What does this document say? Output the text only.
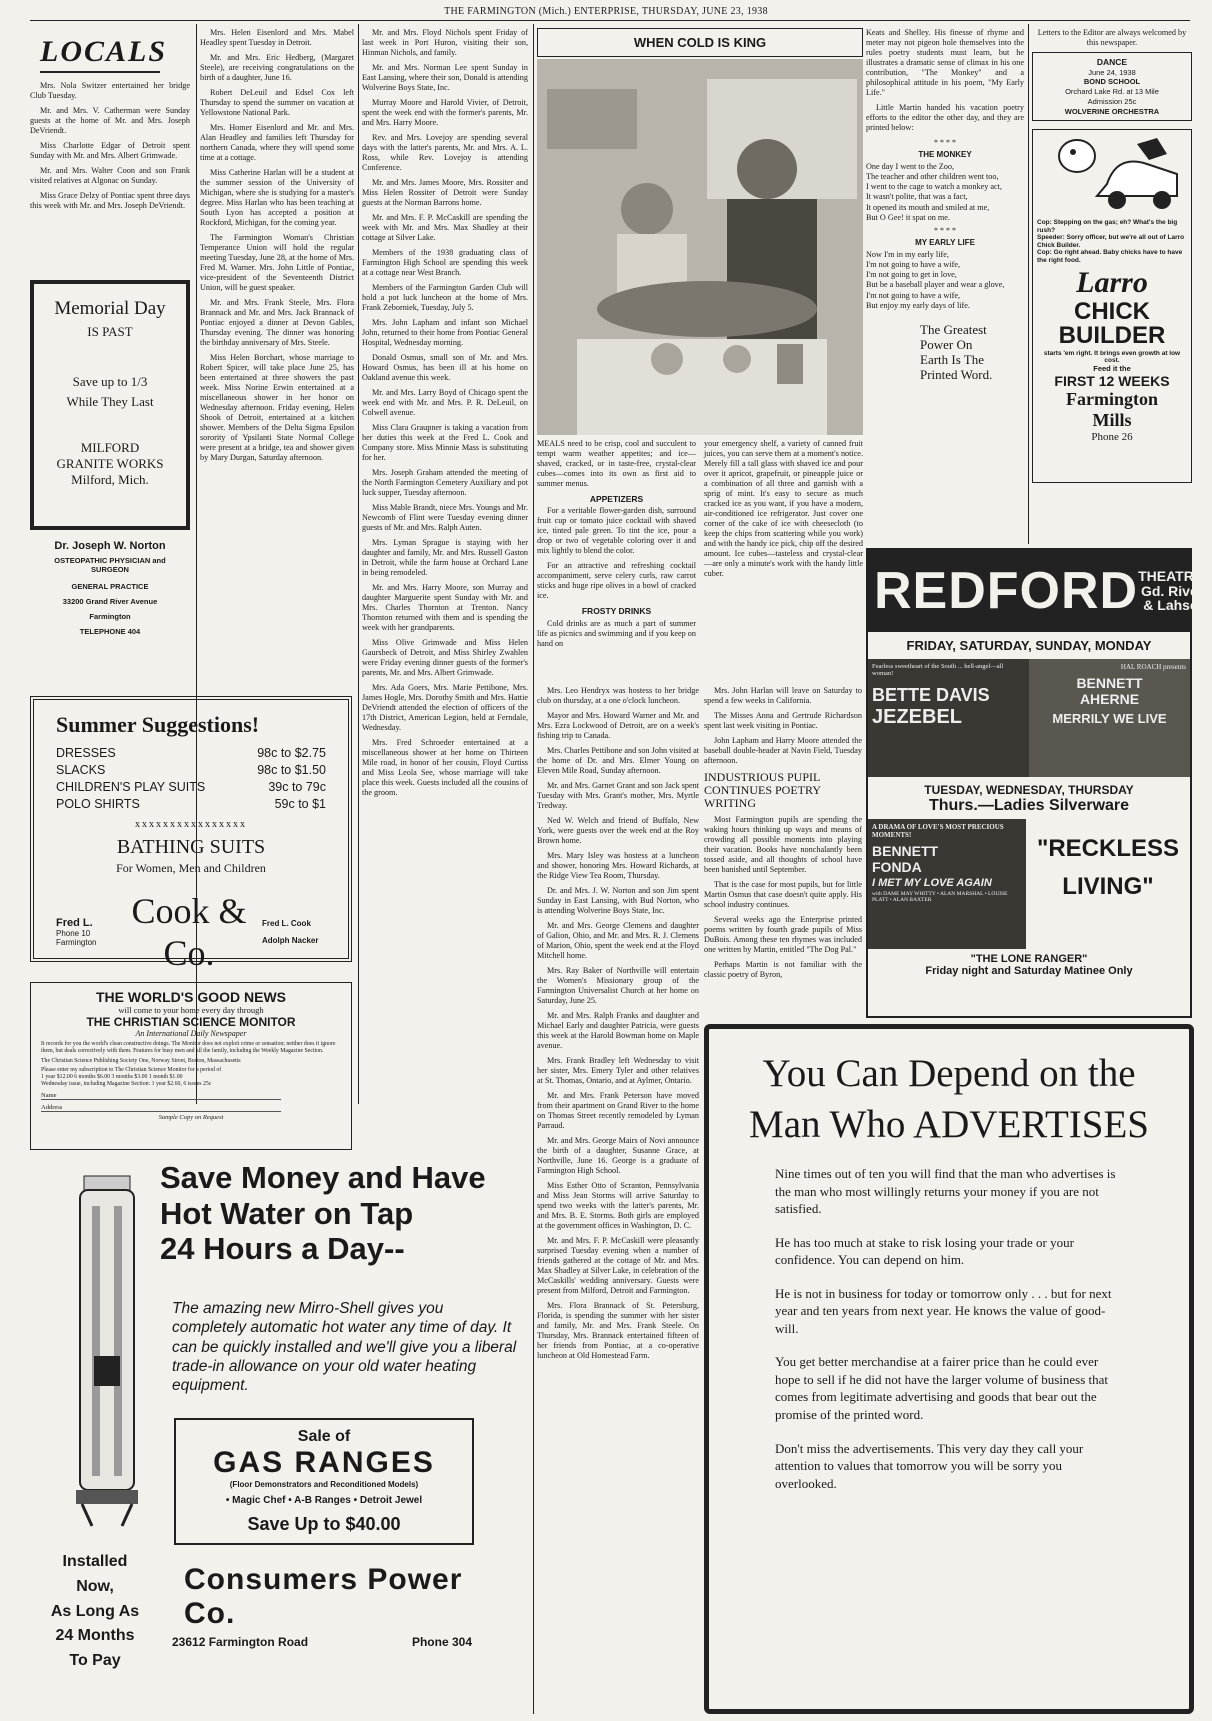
THE FARMINGTON (Mich.) ENTERPRISE, THURSDAY, JUNE 23, 1938
LOCALS

Mrs. Nola Switzer entertained her bridge Club Tuesday.

Mr. and Mrs. V. Catherman were Sunday guests at the home of Mr. and Mrs. Joseph DeVriendt.

Miss Charlotte Edgar of Detroit spent Sunday with Mr. and Mrs. Albert Grimwade.

Mr. and Mrs. Walter Coon and son Frank visited relatives at Algonac on Sunday.

Miss Grace Delzy of Pontiac spent three days this week with Mr. and Mrs. Joseph DeVriendt.

Memorial Day
IS PAST
Save up to 1/3
While They Last
MILFORD
GRANITE WORKS
Milford, Mich.
Dr. Joseph W. Norton
OSTEOPATHIC PHYSICIAN and SURGEON
GENERAL PRACTICE
33200 Grand River Avenue
Farmington
TELEPHONE 404

Mrs. Helen Eisenlord and Mrs. Mabel Headley spent Tuesday in Detroit.

Mr. and Mrs. Eric Hedberg, (Margaret Steele), are receiving congratulations on the birth of a daughter, June 16.

Robert DeLeuil and Edsel Cox left Thursday to spend the summer on vacation at Yellowstone National Park.

Mrs. Homer Eisenlord and Mr. and Mrs. Alan Headley and families left Thursday for northern Canada, where they will spend some time at a cottage.

Miss Catherine Harlan will be a student at the summer session of the University of Michigan, where she is studying for a master's degree. Miss Harlan who has been teaching at South Lyon has accepted a position at Rockford, Michigan, for the coming year.

The Farmington Woman's Christian Temperance Union will hold the regular meeting Tuesday, June 28, at the home of Mrs. Fred M. Warner. Mrs. John Little of Pontiac, vice-president of the Seventeenth District Union, will be guest speaker.

Mr. and Mrs. Frank Steele, Mrs. Flora Brannack and Mr. and Mrs. Jack Brannack of Pontiac enjoyed a dinner at Devon Gables, Thursday evening. The dinner was honoring the birthday anniversary of Mrs. Steele.

Miss Helen Borchart, whose marriage to Robert Spicer, will take place June 25, has been entertained at three showers the past week. Miss Norine Erwin entertained at a miscellaneous shower in her honor on Wednesday afternoon. Friday evening, Helen Shook of Detroit, entertained at a kitchen shower. Members of the Delta Sigma Epsilon sorority of Ypsilanti State Normal College were present at a bridge, tea and shower given by Mary Durgan, Saturday afternoon.

Summer Suggestions!
DRESSES	98c to $2.75
SLACKS	98c to $1.50
CHILDREN'S PLAY SUITS	39c to 79c
POLO SHIRTS	59c to $1
xxxxxxxxxxxxxxxx
BATHING SUITS
For Women, Men and Children
Fred L.
Phone 10
Farmington
Cook & Co.
Fred L. Cook
Adolph Nacker
THE WORLD'S GOOD NEWS
will come to your home every day through
THE CHRISTIAN SCIENCE MONITOR
An International Daily Newspaper
It records for you the world's clean constructive doings. The Monitor does not exploit crime or sensation; neither does it ignore them, but deals correctively with them. Features for busy men and all the family, including the Weekly Magazine Section.
The Christian Science Publishing Society One, Norway Street, Boston, Massachusetts
Please enter my subscription to The Christian Science Monitor for a period of
1 year $12.00 6 months $6.00 3 months $3.00 1 month $1.00
Wednesday issue, including Magazine Section: 1 year $2.60, 6 issues 25c
Name
Address
Sample Copy on Request

Mr. and Mrs. Floyd Nichols spent Friday of last week in Port Huron, visiting their son, Hinman Nichols, and family.

Mr. and Mrs. Norman Lee spent Sunday in East Lansing, where their son, Donald is attending Wolverine Boys State, Inc.

Murray Moore and Harold Vivier, of Detroit, spent the week end with the former's parents, Mr. and Mrs. Harry Moore.

Rev. and Mrs. Lovejoy are spending several days with the latter's parents, Mr. and Mrs. A. L. Ross, while Rev. Lovejoy is attending Conference.

Mr. and Mrs. James Moore, Mrs. Rossiter and Miss Helen Rossiter of Detroit were Sunday guests at the Norman Barrons home.

Mr. and Mrs. F. P. McCaskill are spending the week with Mr. and Mrs. Max Shadley at their cottage at Silver Lake.

Members of the 1938 graduating class of Farmington High School are spending this week at a cottage near West Branch.

Members of the Farmington Garden Club will hold a pot luck luncheon at the home of Mrs. Frank Zeborniek, Tuesday, July 5.

Mrs. John Lapham and infant son Michael John, returned to their home from Pontiac General Hospital, Wednesday morning.

Donald Osmus, small son of Mr. and Mrs. Howard Osmus, has been ill at his home on Oakland avenue this week.

Mr. and Mrs. Larry Boyd of Chicago spent the week end with Mr. and Mrs. P. R. DeLeuil, on Colwell avenue.

Miss Clara Graupner is taking a vacation from her duties this week at the Fred L. Cook and Company store. Miss Minnie Mass is substituting for her.

Mrs. Joseph Graham attended the meeting of the North Farmington Cemetery Auxiliary and pot luck supper, Tuesday afternoon.

Miss Mable Brandt, niece Mrs. Youngs and Mr. Newcomb of Flint were Tuesday evening dinner guests of Mr. and Mrs. Ralph Auten.

Mrs. Lyman Sprague is staying with her daughter and family, Mr. and Mrs. Russell Gaston in Detroit, while the farm house at Orchard Lane in being remodeled.

Mr. and Mrs. Harry Moore, son Murray and daughter Marguerite spent Sunday with Mr. and Mrs. Charles Thornton at Trenton. Nancy Thornton returned with them and is spending the week with her grandparents.

Miss Olive Grimwade and Miss Helen Gaursbeck of Detroit, and Miss Shirley Zwahlen were Friday evening dinner guests of the former's parents, Mr. and Mrs. Albert Grimwade.

Mrs. Ada Goers, Mrs. Marie Pettibone, Mrs. James Hogle, Mrs. Dorothy Smith and Mrs. Hattie DeVriendt attended the election of officers of the 17th District, American Legion, held at Ferndale, Wednesday.

Mrs. Fred Schroeder entertained at a miscellaneous shower at her home on Thirteen Mile road, in honor of her cousin, Floyd Curtiss and Miss Leola See, whose marriage will take place this week. Guests included all the cousins of the groom.

WHEN COLD IS KING

MEALS need to be crisp, cool and succulent to tempt warm weather appetites; and ice—shaved, cracked, or in taste-free, crystal-clear cubes—comes into its own as first aid to summer menus.

APPETIZERS

For a veritable flower-garden dish, surround fruit cup or tomato juice cocktail with shaved ice, tinted pale green. To tint the ice, pour a drop or two of vegetable coloring over it and mix lightly to blend the color.

For an attractive and refreshing cocktail accompaniment, serve celery curls, raw carrot sticks and huge ripe olives in a bowl of cracked ice.

FROSTY DRINKS

Cold drinks are as much a part of summer life as picnics and swimming and if you keep on hand on

your emergency shelf, a variety of canned fruit juices, you can serve them at a moment's notice. Merely fill a tall glass with shaved ice and pour over it apricot, grapefruit, or pineapple juice or a combination of all three and garnish with a sprig of mint. It's easy to secure as much cracked ice as you want, if you have a modern, air-conditioned ice refrigerator. Just cover one corner of the cake of ice with cheesecloth (to keep the chips from scattering while you work) and with the handy ice pick, chip off the desired amount. Ice cubes—tasteless and crystal-clear—are only a minute's work with the handy little cuber.

Mrs. Leo Hendryx was hostess to her bridge club on thursday, at a one o'clock luncheon.

Mayor and Mrs. Howard Warner and Mr. and Mrs. Ezra Lockwood of Detroit, are on a week's fishing trip to Canada.

Mrs. Charles Pettibone and son John visited at the home of Dr. and Mrs. Elmer Young on Eleven Mile Road, Sunday afternoon.

Mr. and Mrs. Garnet Grant and son Jack spent Tuesday with Mrs. Grant's mother, Mrs. Myrtle Tredway.

Ned W. Welch and friend of Buffalo, New York, were guests over the week end at the Roy Brown home.

Mrs. Mary Isley was hostess at a luncheon and shower, honoring Mrs. Howard Richards, at the Ridge View Tea Room, Thursday.

Dr. and Mrs. J. W. Norton and son Jim spent Sunday in East Lansing, with Bud Norton, who is attending Wolverine Boys State, Inc.

Mr. and Mrs. George Clemens and daughter of Galion, Ohio, and Mr. and Mrs. R. J. Clemens of Marion, Ohio, spent the week end at the Floyd Mitchell home.

Mrs. Ray Baker of Northville will entertain the Women's Missionary group of the Farmington Universalist Church at her home on Saturday, June 25.

Mr. and Mrs. Ralph Franks and daughter and Michael Early and daughter Patricia, were guests this week at the Harold Bowman home on Maple avenue.

Mrs. Frank Bradley left Wednesday to visit her sister, Mrs. Emery Tyler and other relatives at St. Thomas, Ontario, and at Aylmer, Ontario.

Mr. and Mrs. Frank Peterson have moved from their apartment on Grand River to the home on Thomas Street recently remodeled by Lyman Parraud.

Mr. and Mrs. George Mairs of Novi announce the birth of a daughter, Susanne Grace, at Northville, June 16. George is a graduate of Farmington High School.

Miss Esther Otto of Scranton, Pennsylvania and Miss Jean Storms will arrive Saturday to spend two weeks with the latter's parents, Mr. and Mrs. B. E. Storms. Both girls are employed at the government offices in Washington, D. C.

Mr. and Mrs. F. P. McCaskill were pleasantly surprised Tuesday evening when a number of friends gathered at the cottage of Mr. and Mrs. Max Shadley at Silver Lake, in celebration of the McCaskills' wedding anniversary. Guests were present from Milford, Detroit and Farmington.

Mrs. Flora Brannack of St. Petersburg, Florida, is spending the summer with her sister and family, Mr. and Mrs. Frank Steele. On Thursday, Mrs. Brannack entertained fifteen of her friends from Pontiac, at a co-operative luncheon at Old Homestead Farm.

Keats and Shelley. His finesse of rhyme and meter may not pigeon hole themselves into the rules poetry students must learn, but he illustrates a dramatic sense of climax in his one contribution, "The Monkey" and a philosophical attitude in his poem, "My Early Life."

Little Martin handed his vacation poetry efforts to the editor the other day, and they are printed below:

* * * *
THE MONKEY
One day I went to the Zoo,
The teacher and other children went too,
I went to the cage to watch a monkey act,
It wasn't polite, that was a fact,
It opened its mouth and smiled at me,
But O Gee! it spat on me.
* * * *
MY EARLY LIFE
Now I'm in my early life,
I'm not going to have a wife,
I'm not going to get in love,
But be a baseball player and wear a glove,
I'm not going to have a wife,
But enjoy my early days of life.
The Greatest Power On Earth Is The Printed Word.
Letters to the Editor are always welcomed by this newspaper.
DANCE
June 24, 1938
BOND SCHOOL
Orchard Lake Rd. at 13 Mile
Admission 25c
WOLVERINE ORCHESTRA
Cop: Stepping on the gas; eh? What's the big rush?
Speeder: Sorry officer, but we're all out of Larro Chick Builder.
Cop: Go right ahead. Baby chicks have to have the right food.
Larro
CHICK
BUILDER
starts 'em right. It brings even growth at low cost.
Feed it the
FIRST 12 WEEKS
Farmington
Mills
Phone 26
REDFORD THEATRE
Gd. River
& Lahser
FRIDAY, SATURDAY, SUNDAY, MONDAY
Fearless sweetheart of the South ... hell-angel—all woman!
BETTE DAVIS
JEZEBEL
HAL ROACH presents
BENNETT
AHERNE
MERRILY WE LIVE
TUESDAY, WEDNESDAY, THURSDAY
Thurs.—Ladies Silverware
A DRAMA OF LOVE'S MOST PRECIOUS MOMENTS!
BENNETT
FONDA
I MET MY LOVE AGAIN
with DAME MAY WHITTY • ALAN MARSHAL • LOUISE PLATT • ALAN BAXTER
"RECKLESS
LIVING"
"THE LONE RANGER"
Friday night and Saturday Matinee Only

Mrs. John Harlan will leave on Saturday to spend a few weeks in California.

The Misses Anna and Gertrude Richardson spent last week visiting in Pontiac.

John Lapham and Harry Moore attended the baseball double-header at Navin Field, Tuesday afternoon.

INDUSTRIOUS PUPIL CONTINUES POETRY WRITING

Most Farmington pupils are spending the waking hours thinking up ways and means of crowding all possible moments into playing their vacation. Books have nonchalantly been tossed aside, and all thoughts of school have been banished until September.

That is the case for most pupils, but for little Martin Osmus that case doesn't quite apply. His school industry continues.

Several weeks ago the Enterprise printed poems written by fourth grade pupils of Miss DuBois. Among these ten rhymes was included one written by Martin, entitled "The Dog Pal."

Perhaps Martin is not familiar with the classic poetry of Byron,

You Can Depend on the
Man Who ADVERTISES

Nine times out of ten you will find that the man who advertises is the man who most willingly returns your money if you are not satisfied.

He has too much at stake to risk losing your trade or your confidence. You can depend on him.

He is not in business for today or tomorrow only . . . but for next year and ten years from next year. He knows the value of good-will.

You get better merchandise at a fairer price than he could ever hope to sell if he did not have the larger volume of business that comes from legitimate advertising and goods that bear out the promise of the printed word.

Don't miss the advertisements. This very day they call your attention to values that tomorrow you will be sorry you overlooked.

Installed
Now,
As Long As
24 Months
To Pay
Save Money and Have
Hot Water on Tap
24 Hours a Day--
The amazing new Mirro-Shell gives you completely automatic hot water any time of day. It can be quickly installed and we'll give you a liberal trade-in allowance on your old water heating equipment.
Sale of
GAS RANGES
(Floor Demonstrators and Reconditioned Models)
• Magic Chef • A-B Ranges • Detroit Jewel
Save Up to $40.00
Consumers Power Co.
23612 Farmington Road	Phone 304
